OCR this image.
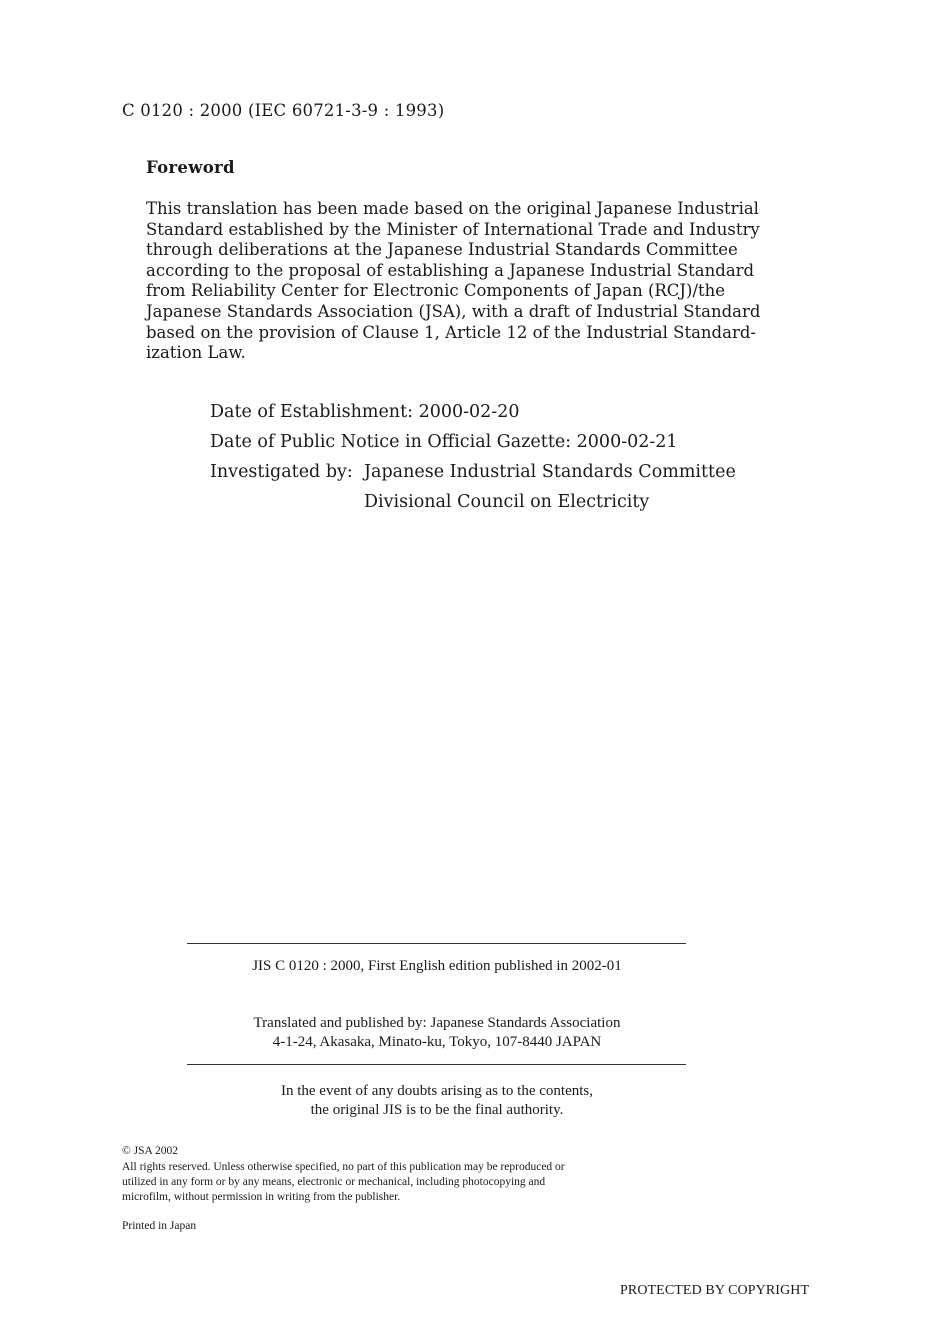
C 0120 : 2000 (IEC 60721-3-9 : 1993)
Foreword
This translation has been made based on the original Japanese Industrial
Standard established by the Minister of International Trade and Industry
through deliberations at the Japanese Industrial Standards Committee
according to the proposal of establishing a Japanese Industrial Standard
from Reliability Center for Electronic Components of Japan (RCJ)/the
Japanese Standards Association (JSA), with a draft of Industrial Standard
based on the provision of Clause 1, Article 12 of the Industrial Standard-
ization Law.
Date of Establishment: 2000-02-20
Date of Public Notice in Official Gazette: 2000-02-21
Investigated by: Japanese Industrial Standards Committee
Divisional Council on Electricity
JIS C 0120 : 2000, First English edition published in 2002-01
Translated and published by: Japanese Standards Association
4-1-24, Akasaka, Minato-ku, Tokyo, 107-8440 JAPAN
In the event of any doubts arising as to the contents,
the original JIS is to be the final authority.
© JSA 2002
All rights reserved. Unless otherwise specified, no part of this publication may be reproduced or
utilized in any form or by any means, electronic or mechanical, including photocopying and
microfilm, without permission in writing from the publisher.
Printed in Japan
PROTECTED BY COPYRIGHT
